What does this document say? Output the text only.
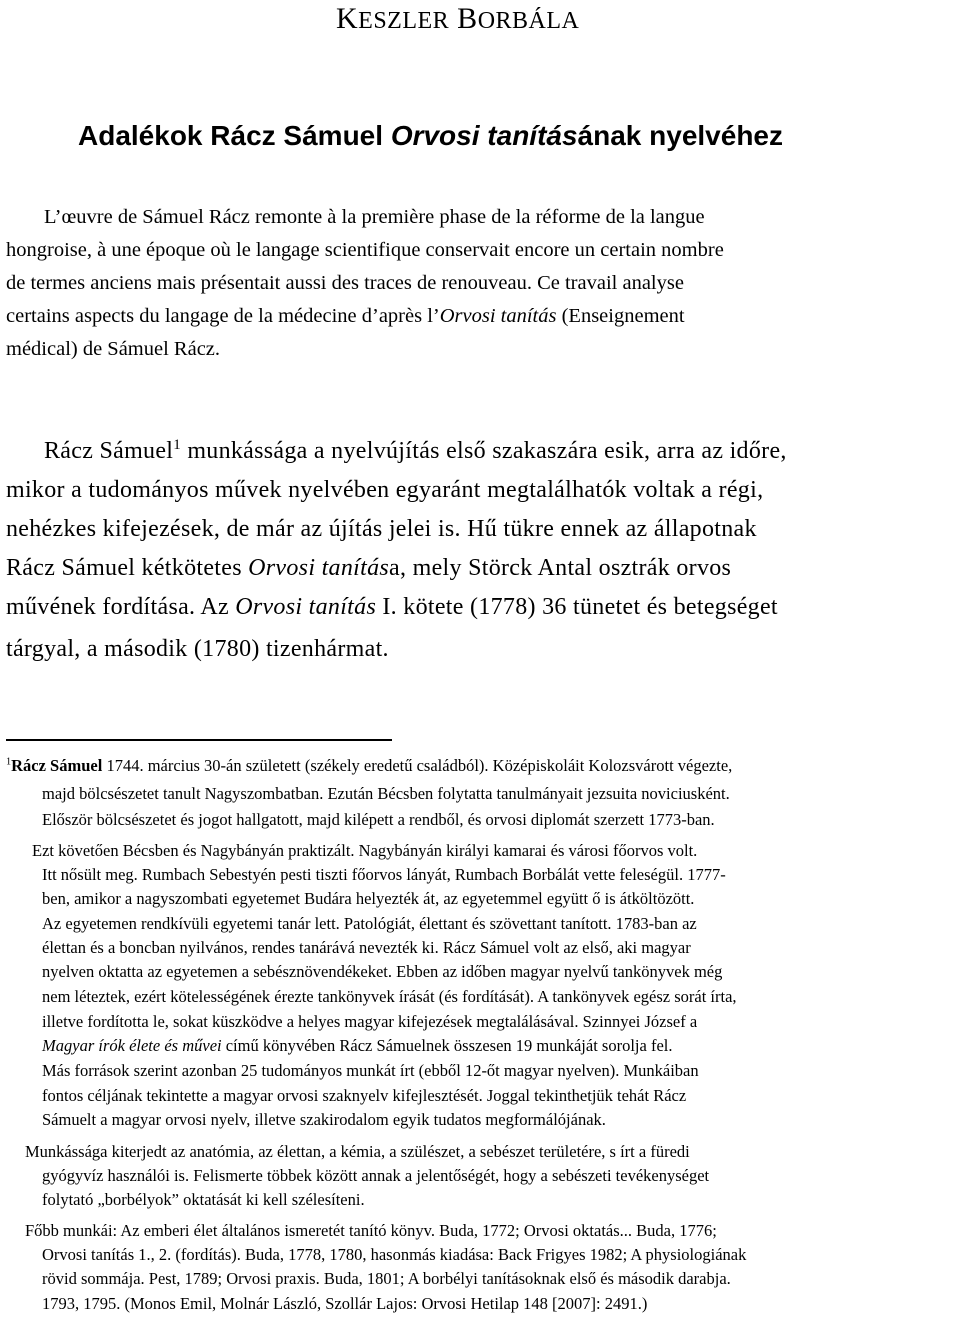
KESZLER BORBÁLA
Adalékok Rácz Sámuel Orvosi tanításának nyelvéhez
L’œuvre de Sámuel Rácz remonte à la première phase de la réforme de la langue
hongroise, à une époque où le langage scientifique conservait encore un certain nombre
de termes anciens mais présentait aussi des traces de renouveau. Ce travail analyse
certains aspects du langage de la médecine d’après l’Orvosi tanítás (Enseignement
médical) de Sámuel Rácz.
Rácz Sámuel$^1$ munkássága a nyelvújítás első szakaszára esik, arra az időre,
mikor a tudományos művek nyelvében egyaránt megtalálhatók voltak a régi,
nehézkes kifejezések, de már az újítás jelei is. Hű tükre ennek az állapotnak
Rácz Sámuel kétkötetes Orvosi tanítása, mely Störck Antal osztrák orvos
művének fordítása. Az Orvosi tanítás I. kötete (1778) 36 tünetet és betegséget
tárgyal, a második (1780) tizenhármat.
$^1$Rácz Sámuel 1744. március 30-án született (székely eredetű családból). Középiskoláit Kolozsvárott végezte,
majd bölcsészetet tanult Nagyszombatban. Ezután Bécsben folytatta tanulmányait jezsuita noviciusként.
Először bölcsészetet és jogot hallgatott, majd kilépett a rendből, és orvosi diplomát szerzett 1773-ban.
Ezt követően Bécsben és Nagybányán praktizált. Nagybányán királyi kamarai és városi főorvos volt.
Itt nősült meg. Rumbach Sebestyén pesti tiszti főorvos lányát, Rumbach Borbálát vette feleségül. 1777-
ben, amikor a nagyszombati egyetemet Budára helyezték át, az egyetemmel együtt ő is átköltözött.
Az egyetemen rendkívüli egyetemi tanár lett. Patológiát, élettant és szövettant tanított. 1783-ban az
élettan és a boncban nyilvános, rendes tanárává nevezték ki. Rácz Sámuel volt az első, aki magyar
nyelven oktatta az egyetemen a sebésznövendékeket. Ebben az időben magyar nyelvű tankönyvek még
nem léteztek, ezért kötelességének érezte tankönyvek írását (és fordítását). A tankönyvek egész sorát írta,
illetve fordította le, sokat küszködve a helyes magyar kifejezések megtalálásával. Szinnyei József a
Magyar írók élete és művei című könyvében Rácz Sámuelnek összesen 19 munkáját sorolja fel.
Más források szerint azonban 25 tudományos munkát írt (ebből 12-őt magyar nyelven). Munkáiban
fontos céljának tekintette a magyar orvosi szaknyelv kifejlesztését. Joggal tekinthetjük tehát Rácz
Sámuelt a magyar orvosi nyelv, illetve szakirodalom egyik tudatos megformálójának.
Munkássága kiterjedt az anatómia, az élettan, a kémia, a szülészet, a sebészet területére, s írt a füredi
gyógyvíz használói is. Felismerte többek között annak a jelentőségét, hogy a sebészeti tevékenységet
folytató „borbélyok” oktatását ki kell szélesíteni.
Főbb munkái: Az emberi élet általános ismeretét tanító könyv. Buda, 1772; Orvosi oktatás... Buda, 1776;
Orvosi tanítás 1., 2. (fordítás). Buda, 1778, 1780, hasonmás kiadása: Back Frigyes 1982; A physiologiának
rövid sommája. Pest, 1789; Orvosi praxis. Buda, 1801; A borbélyi tanításoknak első és második darabja.
1793, 1795. (Monos Emil, Molnár László, Szollár Lajos: Orvosi Hetilap 148 [2007]: 2491.)
